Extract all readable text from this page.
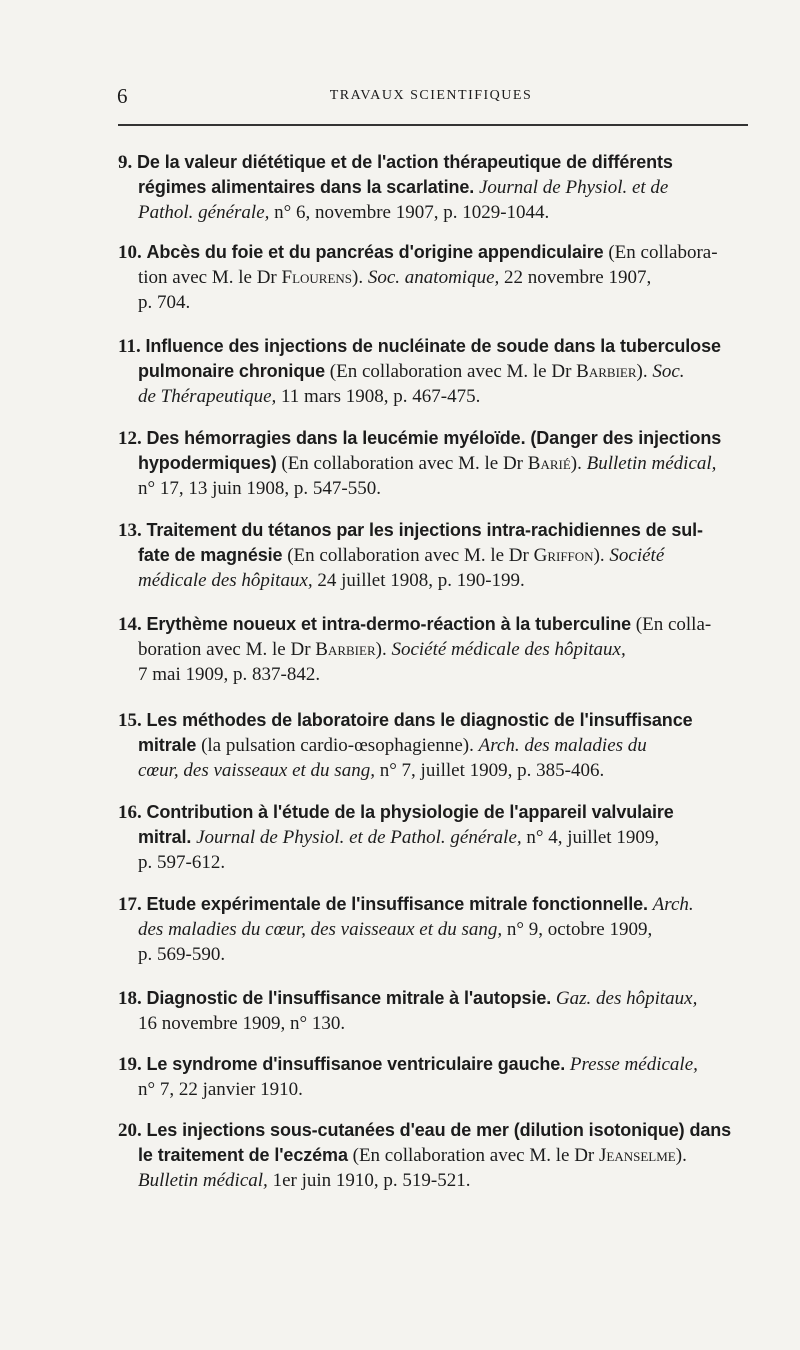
6	TRAVAUX SCIENTIFIQUES
9. De la valeur diététique et de l'action thérapeutique de différents
régimes alimentaires dans la scarlatine. Journal de Physiol. et de
Pathol. générale, n° 6, novembre 1907, p. 1029-1044.
10. Abcès du foie et du pancréas d'origine appendiculaire (En collabora-
tion avec M. le Dr Flourens). Soc. anatomique, 22 novembre 1907,
p. 704.
11. Influence des injections de nucléinate de soude dans la tuberculose
pulmonaire chronique (En collaboration avec M. le Dr Barbier). Soc.
de Thérapeutique, 11 mars 1908, p. 467-475.
12. Des hémorragies dans la leucémie myéloïde. (Danger des injections
hypodermiques) (En collaboration avec M. le Dr Barié). Bulletin médical,
n° 17, 13 juin 1908, p. 547-550.
13. Traitement du tétanos par les injections intra-rachidiennes de sul-
fate de magnésie (En collaboration avec M. le Dr Griffon). Société
médicale des hôpitaux, 24 juillet 1908, p. 190-199.
14. Erythème noueux et intra-dermo-réaction à la tuberculine (En colla-
boration avec M. le Dr Barbier). Société médicale des hôpitaux,
7 mai 1909, p. 837-842.
15. Les méthodes de laboratoire dans le diagnostic de l'insuffisance
mitrale (la pulsation cardio-œsophagienne). Arch. des maladies du
cœur, des vaisseaux et du sang, n° 7, juillet 1909, p. 385-406.
16. Contribution à l'étude de la physiologie de l'appareil valvulaire
mitral. Journal de Physiol. et de Pathol. générale, n° 4, juillet 1909,
p. 597-612.
17. Etude expérimentale de l'insuffisance mitrale fonctionnelle. Arch.
des maladies du cœur, des vaisseaux et du sang, n° 9, octobre 1909,
p. 569-590.
18. Diagnostic de l'insuffisance mitrale à l'autopsie. Gaz. des hôpitaux,
16 novembre 1909, n° 130.
19. Le syndrome d'insuffisanoe ventriculaire gauche. Presse médicale,
n° 7, 22 janvier 1910.
20. Les injections sous-cutanées d'eau de mer (dilution isotonique) dans
le traitement de l'eczéma (En collaboration avec M. le Dr Jeanselme).
Bulletin médical, 1er juin 1910, p. 519-521.
